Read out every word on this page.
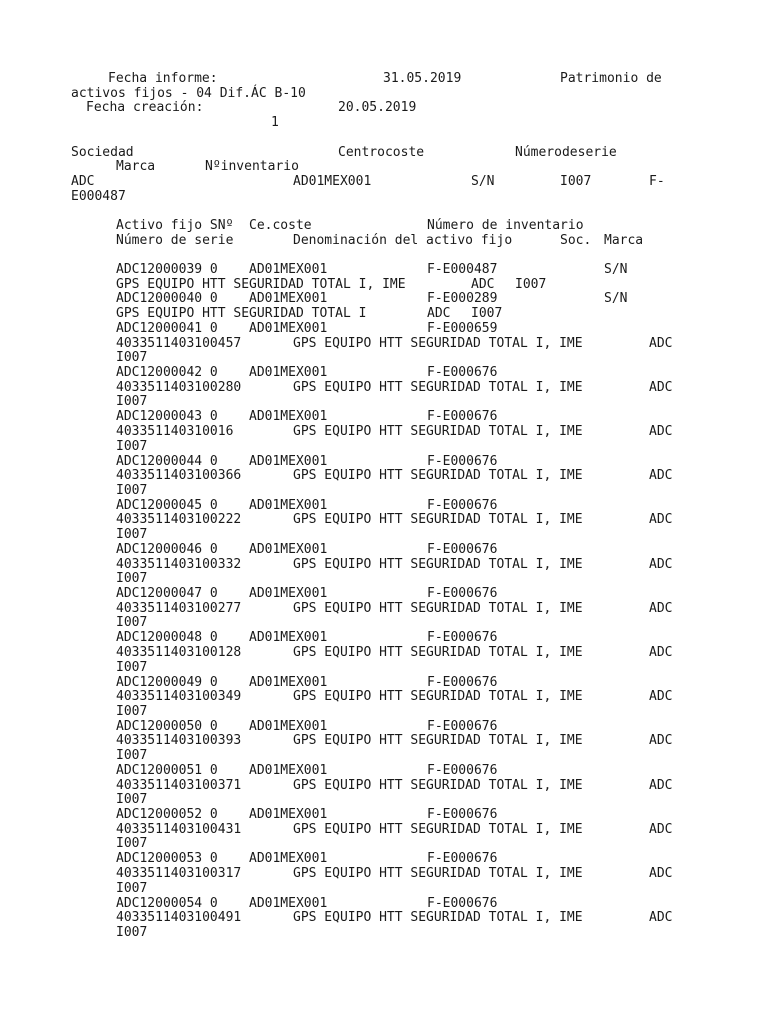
Fecha informe:	31.05.2019	Patrimonio de
activos fijos - 04 Dif.ÁC B-10
Fecha creación:	20.05.2019
1
Sociedad	Centrocoste	Númerodeserie
Marca	Nºinventario
ADC	AD01MEX001	S/N	I007	F-
E000487
Activo fijo SNº Ce.coste	Número de inventario
Número de serie	Denominación del activo fijo	Soc. Marca
ADC12000039 0 AD01MEX001	F-E000487	S/N
GPS EQUIPO HTT SEGURIDAD TOTAL I, IME	ADC I007
ADC12000040 0 AD01MEX001	F-E000289	S/N
GPS EQUIPO HTT SEGURIDAD TOTAL I	ADC I007
ADC12000041 0 AD01MEX001	F-E000659
4033511403100457	GPS EQUIPO HTT SEGURIDAD TOTAL I, IME	ADC
I007
ADC12000042 0 AD01MEX001	F-E000676
4033511403100280	GPS EQUIPO HTT SEGURIDAD TOTAL I, IME	ADC
I007
ADC12000043 0 AD01MEX001	F-E000676
403351140310016	GPS EQUIPO HTT SEGURIDAD TOTAL I, IME	ADC
I007
ADC12000044 0 AD01MEX001	F-E000676
4033511403100366	GPS EQUIPO HTT SEGURIDAD TOTAL I, IME	ADC
I007
ADC12000045 0 AD01MEX001	F-E000676
4033511403100222	GPS EQUIPO HTT SEGURIDAD TOTAL I, IME	ADC
I007
ADC12000046 0 AD01MEX001	F-E000676
4033511403100332	GPS EQUIPO HTT SEGURIDAD TOTAL I, IME	ADC
I007
ADC12000047 0 AD01MEX001	F-E000676
4033511403100277	GPS EQUIPO HTT SEGURIDAD TOTAL I, IME	ADC
I007
ADC12000048 0 AD01MEX001	F-E000676
4033511403100128	GPS EQUIPO HTT SEGURIDAD TOTAL I, IME	ADC
I007
ADC12000049 0 AD01MEX001	F-E000676
4033511403100349	GPS EQUIPO HTT SEGURIDAD TOTAL I, IME	ADC
I007
ADC12000050 0 AD01MEX001	F-E000676
4033511403100393	GPS EQUIPO HTT SEGURIDAD TOTAL I, IME	ADC
I007
ADC12000051 0 AD01MEX001	F-E000676
4033511403100371	GPS EQUIPO HTT SEGURIDAD TOTAL I, IME	ADC
I007
ADC12000052 0 AD01MEX001	F-E000676
4033511403100431	GPS EQUIPO HTT SEGURIDAD TOTAL I, IME	ADC
I007
ADC12000053 0 AD01MEX001	F-E000676
4033511403100317	GPS EQUIPO HTT SEGURIDAD TOTAL I, IME	ADC
I007
ADC12000054 0 AD01MEX001	F-E000676
4033511403100491	GPS EQUIPO HTT SEGURIDAD TOTAL I, IME	ADC
I007
